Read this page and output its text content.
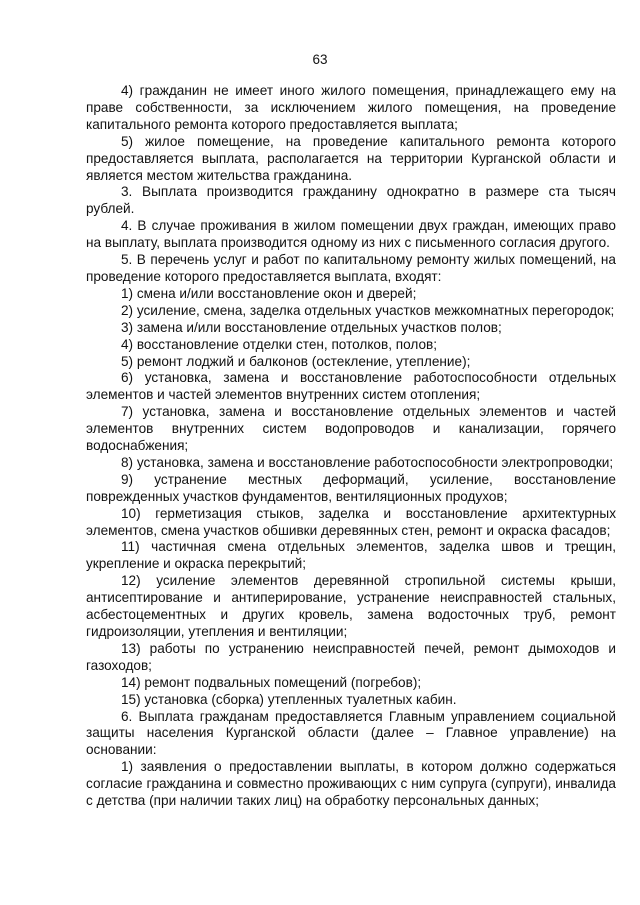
63

4) гражданин не имеет иного жилого помещения, принадлежащего ему на праве собственности, за исключением жилого помещения, на проведение капитального ремонта которого предоставляется выплата;

5) жилое помещение, на проведение капитального ремонта которого предоставляется выплата, располагается на территории Курганской области и является местом жительства гражданина.

3. Выплата производится гражданину однократно в размере ста тысяч рублей.

4. В случае проживания в жилом помещении двух граждан, имеющих право на выплату, выплата производится одному из них с письменного согласия другого.

5. В перечень услуг и работ по капитальному ремонту жилых помещений, на проведение которого предоставляется выплата, входят:

1) смена и/или восстановление окон и дверей;

2) усиление, смена, заделка отдельных участков межкомнатных перегородок;

3) замена и/или восстановление отдельных участков полов;

4) восстановление отделки стен, потолков, полов;

5) ремонт лоджий и балконов (остекление, утепление);

6) установка, замена и восстановление работоспособности отдельных элементов и частей элементов внутренних систем отопления;

7) установка, замена и восстановление отдельных элементов и частей элементов внутренних систем водопроводов и канализации, горячего водоснабжения;

8) установка, замена и восстановление работоспособности электропроводки;

9) устранение местных деформаций, усиление, восстановление поврежденных участков фундаментов, вентиляционных продухов;

10) герметизация стыков, заделка и восстановление архитектурных элементов, смена участков обшивки деревянных стен, ремонт и окраска фасадов;

11) частичная смена отдельных элементов, заделка швов и трещин, укрепление и окраска перекрытий;

12) усиление элементов деревянной стропильной системы крыши, антисептирование и антиперирование, устранение неисправностей стальных, асбестоцементных и других кровель, замена водосточных труб, ремонт гидроизоляции, утепления и вентиляции;

13) работы по устранению неисправностей печей, ремонт дымоходов и газоходов;

14) ремонт подвальных помещений (погребов);

15) установка (сборка) утепленных туалетных кабин.

6. Выплата гражданам предоставляется Главным управлением социальной защиты населения Курганской области (далее – Главное управление) на основании:

1) заявления о предоставлении выплаты, в котором должно содержаться согласие гражданина и совместно проживающих с ним супруга (супруги), инвалида с детства (при наличии таких лиц) на обработку персональных данных;
